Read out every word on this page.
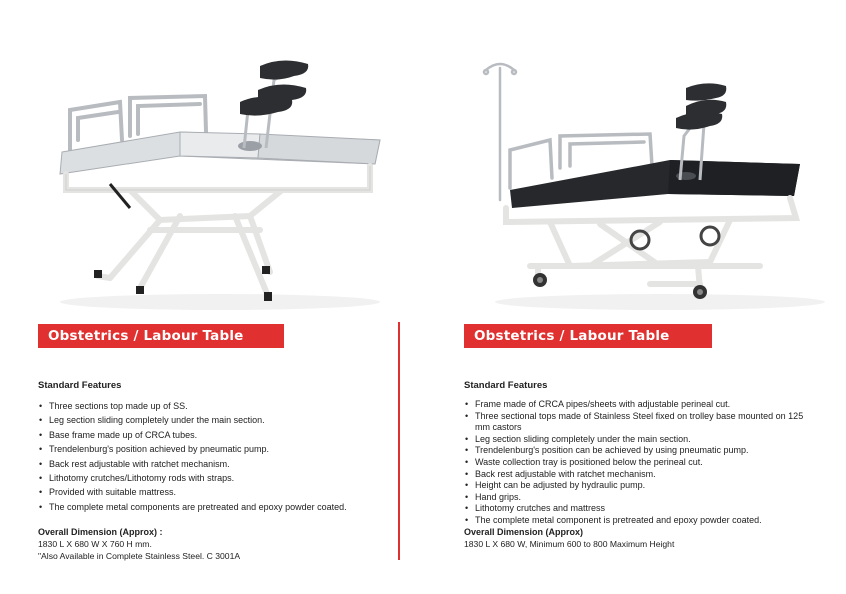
Obstetrics / Labour Table
Standard Features
• Three sections top made up of SS.
• Leg section sliding completely under the main section.
• Base frame made up of CRCA tubes.
• Trendelenburg's position achieved by pneumatic pump.
• Back rest adjustable with ratchet mechanism.
• Lithotomy crutches/Lithotomy rods with straps.
• Provided with suitable mattress.
• The complete metal components are pretreated and epoxy powder coated.
Overall Dimension (Approx) :
1830 L X 680 W X 760 H mm.
"Also Available in Complete Stainless Steel. C 3001A
Obstetrics / Labour Table
Standard Features
• Frame made of CRCA pipes/sheets with adjustable perineal cut.
• Three sectional tops made of Stainless Steel fixed on trolley base mounted on 125 mm castors
• Leg section sliding completely under the main section.
• Trendelenburg's position can be achieved by using pneumatic pump.
• Waste collection tray is positioned below the perineal cut.
• Back rest adjustable with ratchet mechanism.
• Height can be adjusted by hydraulic pump.
• Hand grips.
• Lithotomy crutches and mattress
• The complete metal component is pretreated and epoxy powder coated.
Overall Dimension (Approx)
1830 L X 680 W, Minimum 600 to 800 Maximum Height
